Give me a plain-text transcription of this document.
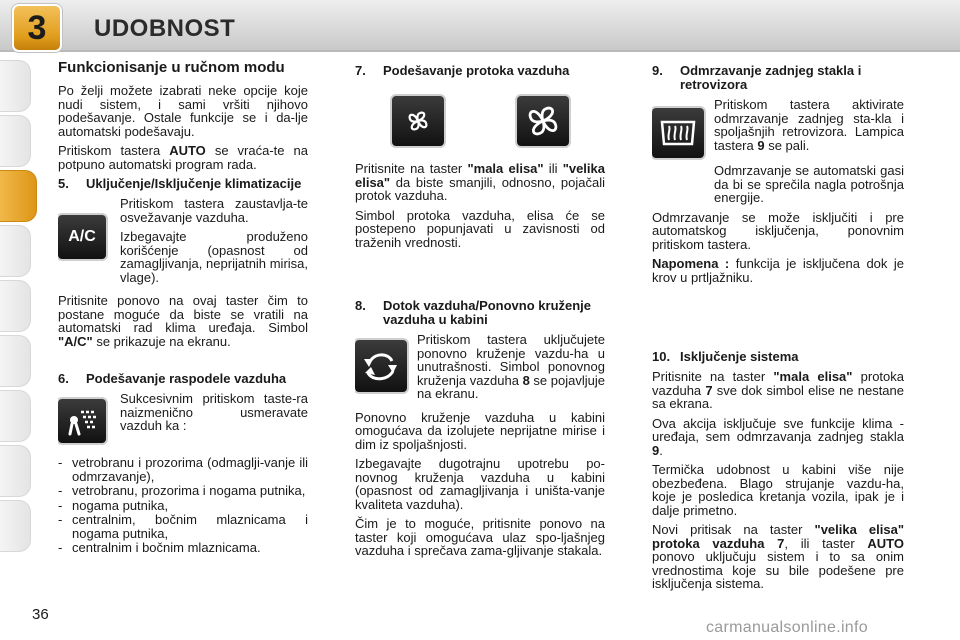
3 UDOBNOST
Funkcionisanje u ručnom modu

Po želji možete izabrati neke opcije koje nudi sistem, i sami vršiti njihovo podešavanje. Ostale funkcije se i da-lje automatski podešavaju.

Pritiskom tastera AUTO se vraća-te na potpuno automatski program rada.

5.	Uključenje/Isključenje klimatizacije
A/C

Pritiskom tastera zaustavlja-te osvežavanje vazduha.

Izbegavajte produženo korišćenje (opasnost od zamagljivanja, neprijatnih mirisa, vlage).

Pritisnite ponovo na ovaj taster čim to postane moguće da biste se vratili na automatski rad klima uređaja. Simbol "A/C" se prikazuje na ekranu.

6.	Podešavanje raspodele vazduha

Sukcesivnim pritiskom taste-ra naizmenično usmeravate vazduh ka :

- vetrobranu i prozorima (odmaglji-vanje ili odmrzavanje),
- vetrobranu, prozorima i nogama putnika,
- nogama putnika,
- centralnim, bočnim mlaznicama i nogama putnika,
- centralnim i bočnim mlaznicama.
7.	Podešavanje protoka vazduha

Pritisnite na taster "mala elisa" ili "velika elisa" da biste smanjili, odnosno, pojačali protok vazduha.

Simbol protoka vazduha, elisa će se postepeno popunjavati u zavisnosti od traženih vrednosti.

8.	Dotok vazduha/Ponovno kruženje vazduha u kabini

Pritiskom tastera uključujete ponovno kruženje vazdu-ha u unutrašnosti. Simbol ponovnog kruženja vazduha 8 se pojavljuje na ekranu.

Ponovno kruženje vazduha u kabini omogućava da izolujete neprijatne mirise i dim iz spoljašnjosti.

Izbegavajte dugotrajnu upotrebu po-novnog kruženja vazduha u kabini (opasnost od zamagljivanja i uništa-vanje kvaliteta vazduha).

Čim je to moguće, pritisnite ponovo na taster koji omogućava ulaz spo-ljašnjeg vazduha i sprečava zama-gljivanje stakala.

9.	Odmrzavanje zadnjeg stakla i retrovizora

Pritiskom tastera aktivirate odmrzavanje zadnjeg sta-kla i spoljašnjih retrovizora. Lampica tastera 9 se pali.

Odmrzavanje se automatski gasi da bi se sprečila nagla potrošnja energije.

Odmrzavanje se može isključiti i pre automatskog isključenja, ponovnim pritiskom tastera.

Napomena : funkcija je isključena dok je krov u prtljažniku.

10. Isključenje sistema

Pritisnite na taster "mala elisa" protoka vazduha 7 sve dok simbol elise ne nestane sa ekrana.

Ova akcija isključuje sve funkcije klima - uređaja, sem odmrzavanja zadnjeg stakla 9.

Termička udobnost u kabini više nije obezbeđena. Blago strujanje vazdu-ha, koje je posledica kretanja vozila, ipak je i dalje primetno.

Novi pritisak na taster "velika elisa" protoka vazduha 7, ili taster AUTO ponovo uključuju sistem i to sa onim vrednostima koje su bile podešene pre isključenja sistema.

36
carmanualsonline.info
